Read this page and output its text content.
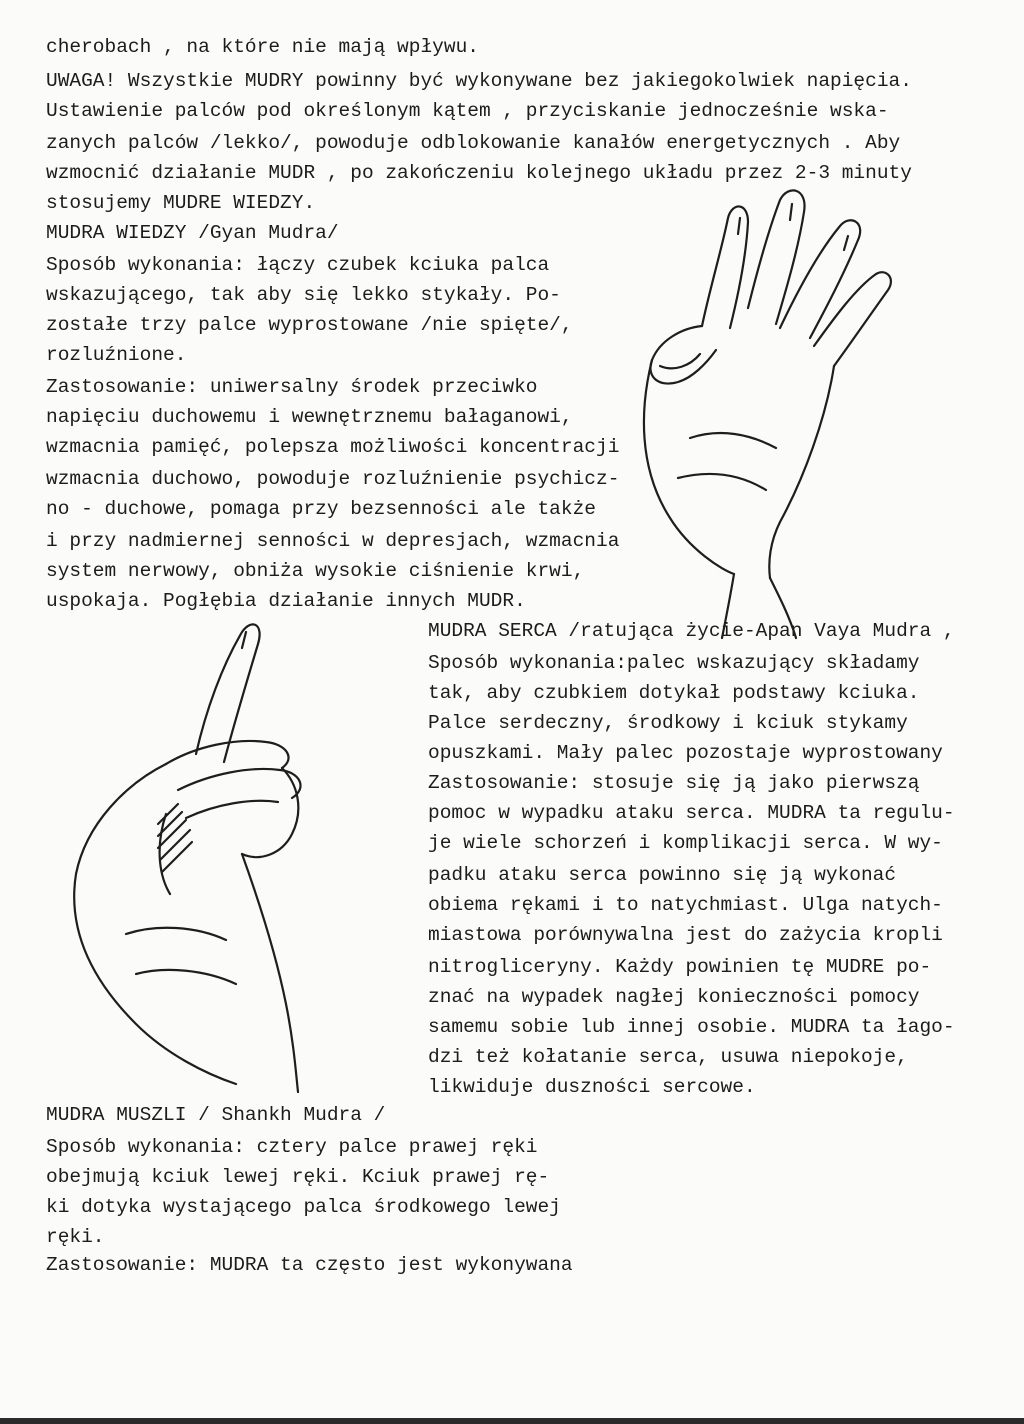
cherobach , na które nie mają wpływu.
UWAGA! Wszystkie MUDRY powinny być wykonywane bez jakiegokolwiek napięcia.
Ustawienie palców pod określonym kątem , przyciskanie jednocześnie wska-
zanych palców /lekko/, powoduje odblokowanie kanałów energetycznych . Aby
wzmocnić działanie MUDR , po zakończeniu kolejnego układu przez 2-3 minuty
stosujemy MUDRE WIEDZY.
MUDRA WIEDZY /Gyan Mudra/
Sposób wykonania: łączy czubek kciuka palca
wskazującego, tak aby się lekko stykały. Po-
zostałe trzy palce wyprostowane /nie spięte/,
rozluźnione.
Zastosowanie: uniwersalny środek przeciwko
napięciu duchowemu i wewnętrznemu bałaganowi,
wzmacnia pamięć, polepsza możliwości koncentracji
wzmacnia duchowo, powoduje rozluźnienie psychicz-
no - duchowe, pomaga przy bezsenności ale także
i przy nadmiernej senności w depresjach, wzmacnia
system nerwowy, obniża wysokie ciśnienie krwi,
uspokaja. Pogłębia działanie innych MUDR.
MUDRA SERCA /ratująca życie-Apan Vaya Mudra ,
Sposób wykonania:palec wskazujący składamy
tak, aby czubkiem dotykał podstawy kciuka.
Palce serdeczny, środkowy i kciuk stykamy
opuszkami. Mały palec pozostaje wyprostowany
Zastosowanie: stosuje się ją jako pierwszą
pomoc w wypadku ataku serca. MUDRA ta regulu-
je wiele schorzeń i komplikacji serca. W wy-
padku ataku serca powinno się ją wykonać
obiema rękami i to natychmiast. Ulga natych-
miastowa porównywalna jest do zażycia kropli
nitrogliceryny. Każdy powinien tę MUDRE po-
znać na wypadek nagłej konieczności pomocy
samemu sobie lub innej osobie. MUDRA ta łago-
dzi też kołatanie serca, usuwa niepokoje,
likwiduje duszności sercowe.
MUDRA MUSZLI / Shankh Mudra /
Sposób wykonania: cztery palce prawej ręki
obejmują kciuk lewej ręki. Kciuk prawej rę-
ki dotyka wystającego palca środkowego lewej
ręki.
Zastosowanie: MUDRA ta często jest wykonywana
